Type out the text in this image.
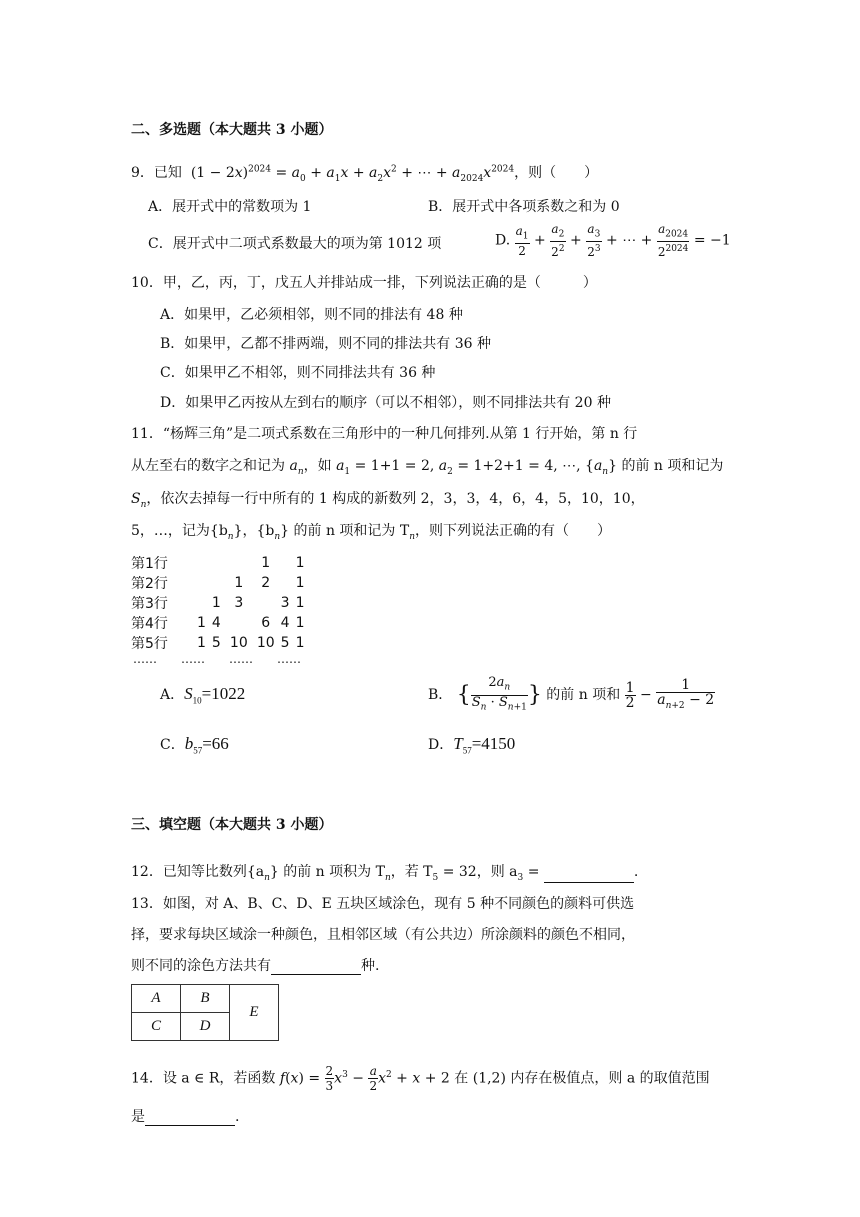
二、多选题（本大题共 3 小题）
9．已知  $(1 - 2x)^{2024} = a_0 + a_1x + a_2x^2$ + ⋯ + $a_{2024}x^{2024}$，则（　　）
A．展开式中的常数项为 1	B．展开式中各项系数之和为 0
C．展开式中二项式系数最大的项为第 1012 项	D. $\frac{a_1}{2} + \frac{a_2}{2^2} + \frac{a_3}{2^3}$ + ⋯ + $\frac{a_{2024}}{2^{2024}} = -1$
10．甲，乙，丙，丁，戊五人并排站成一排，下列说法正确的是（　　　）
A．如果甲，乙必须相邻，则不同的排法有 48 种
B．如果甲，乙都不排两端，则不同的排法共有 36 种
C．如果甲乙不相邻，则不同排法共有 36 种
D．如果甲乙丙按从左到右的顺序（可以不相邻），则不同排法共有 20 种
11．“杨辉三角”是二项式系数在三角形中的一种几何排列.从第 1 行开始，第 n 行
从左至右的数字之和记为 $a_n$，如 $a_1 = 1+1 = 2$, $a_2 = 1+2+1 = 4$, ⋯, $\{a_n\}$ 的前 n 项和记为
$S_n$，依次去掉每一行中所有的 1 构成的新数列 2，3，3，4，6，4，5，10，10，
5，…，记为$\{b_n\}$，$\{b_n\}$ 的前 n 项和记为 $T_n$，则下列说法正确的有（　　）
第1行				1		1
第2行			1	2		1
第3行		1	3		3	1
第4行	1	4		6	4	1
第5行	1	5	10	10	5	1
……　　……　　……　　……
A．$S_{10}=1022$	B． { $\frac{2a_n}{S_n \cdot S_{n+1}}$ } 的前 n 项和 $\frac{1}{2} - \frac{1}{a_{n+2} - 2}$
C．$b_{57}=66$	D．$T_{57}=4150$
三、填空题（本大题共 3 小题）
12．已知等比数列$\{a_n\}$ 的前 n 项积为 $T_n$，若 $T_5 = 32$，则 $a_3$ =	.
13．如图，对 A、B、C、D、E 五块区域涂色，现有 5 种不同颜色的颜料可供选
择，要求每块区域涂一种颜色，且相邻区域（有公共边）所涂颜料的颜色不相同，
则不同的涂色方法共有	种.
A	B	E
C	D	
14．设 a ∈ R，若函数 $f(x) = \frac{2}{3} x^3 - \frac{a}{2} x^2 + x + 2$ 在 (1,2) 内存在极值点，则 a 的取值范围
是	.
